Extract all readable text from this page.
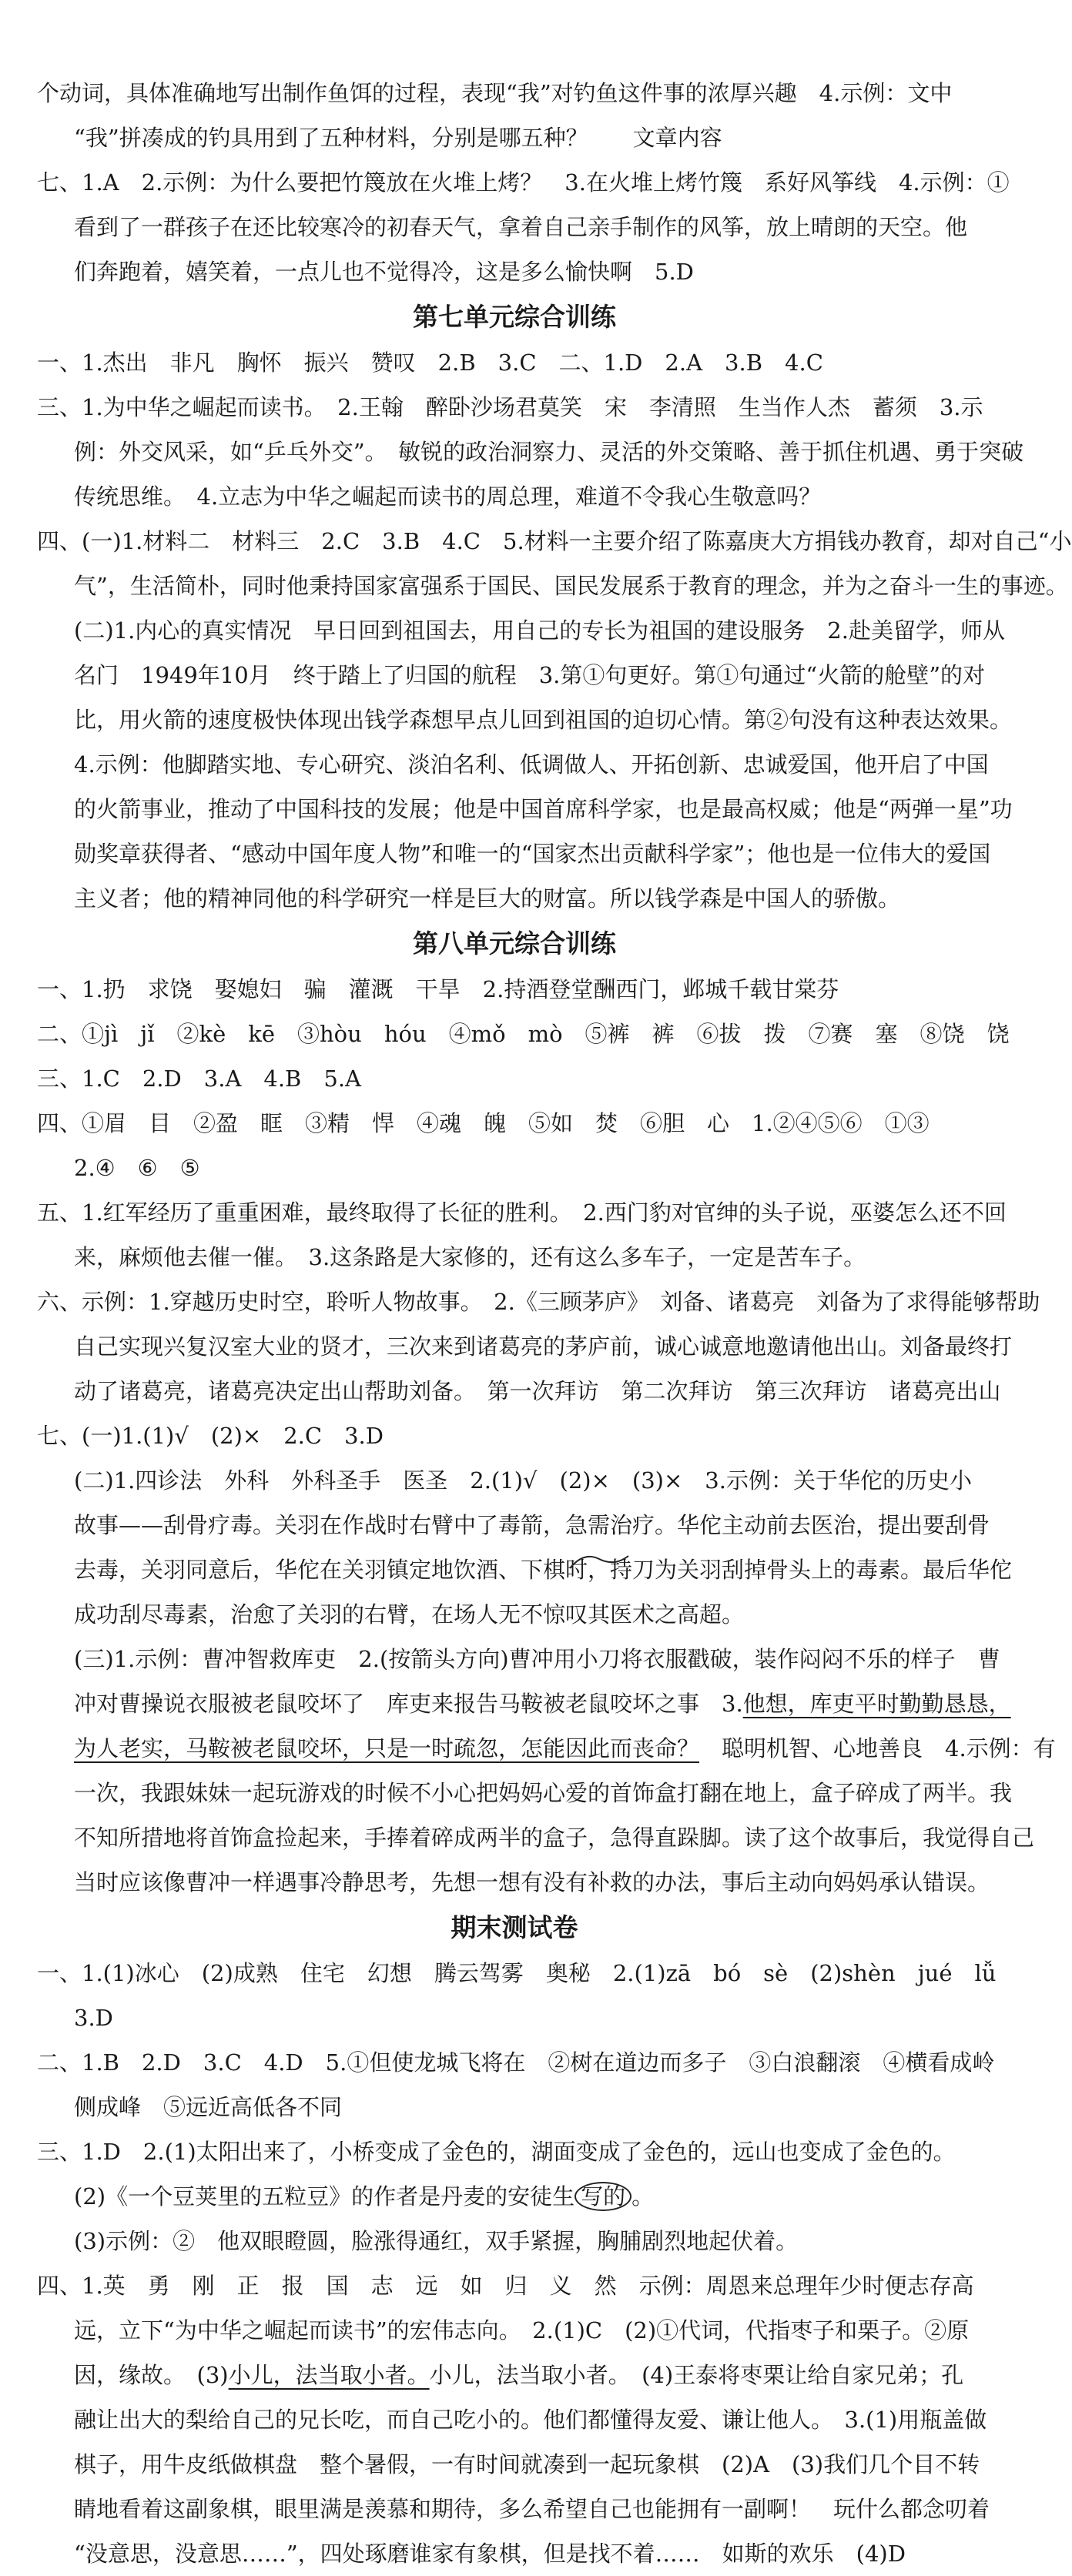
个动词，具体准确地写出制作鱼饵的过程，表现“我”对钓鱼这件事的浓厚兴趣　4.示例：文中
“我”拼凑成的钓具用到了五种材料，分别是哪五种？　　文章内容
七、1.A　2.示例：为什么要把竹篾放在火堆上烤？　3.在火堆上烤竹篾　系好风筝线　4.示例：①
看到了一群孩子在还比较寒冷的初春天气，拿着自己亲手制作的风筝，放上晴朗的天空。他
们奔跑着，嬉笑着，一点儿也不觉得冷，这是多么愉快啊　5.D
第七单元综合训练
一、1.杰出　非凡　胸怀　振兴　赞叹　2.B　3.C　二、1.D　2.A　3.B　4.C
三、1.为中华之崛起而读书。　2.王翰　醉卧沙场君莫笑　宋　李清照　生当作人杰　蓄须　3.示
例：外交风采，如“乒乓外交”。　敏锐的政治洞察力、灵活的外交策略、善于抓住机遇、勇于突破
传统思维。　4.立志为中华之崛起而读书的周总理，难道不令我心生敬意吗？
四、(一)1.材料二　材料三　2.C　3.B　4.C　5.材料一主要介绍了陈嘉庚大方捐钱办教育，却对自己“小
气”，生活简朴，同时他秉持国家富强系于国民、国民发展系于教育的理念，并为之奋斗一生的事迹。
(二)1.内心的真实情况　早日回到祖国去，用自己的专长为祖国的建设服务　2.赴美留学，师从
名门　1949年10月　终于踏上了归国的航程　3.第①句更好。第①句通过“火箭的舱壁”的对
比，用火箭的速度极快体现出钱学森想早点儿回到祖国的迫切心情。第②句没有这种表达效果。
4.示例：他脚踏实地、专心研究、淡泊名利、低调做人、开拓创新、忠诚爱国，他开启了中国
的火箭事业，推动了中国科技的发展；他是中国首席科学家，也是最高权威；他是“两弹一星”功
勋奖章获得者、“感动中国年度人物”和唯一的“国家杰出贡献科学家”；他也是一位伟大的爱国
主义者；他的精神同他的科学研究一样是巨大的财富。所以钱学森是中国人的骄傲。
第八单元综合训练
一、1.扔　求饶　娶媳妇　骗　灌溉　干旱　2.持酒登堂酬西门，邺城千载甘棠芬
二、①jì　jǐ　②kè　kē　③hòu　hóu　④mǒ　mò　⑤裤　裤　⑥拔　拨　⑦赛　塞　⑧饶　饶
三、1.C　2.D　3.A　4.B　5.A
四、①眉　目　②盈　眶　③精　悍　④魂　魄　⑤如　焚　⑥胆　心　1.②④⑤⑥　①③
2.④　⑥　⑤
五、1.红军经历了重重困难，最终取得了长征的胜利。　2.西门豹对官绅的头子说，巫婆怎么还不回
来，麻烦他去催一催。　3.这条路是大家修的，还有这么多车子，一定是苦车子。
六、示例：1.穿越历史时空，聆听人物故事。　2.《三顾茅庐》　刘备、诸葛亮　刘备为了求得能够帮助
自己实现兴复汉室大业的贤才，三次来到诸葛亮的茅庐前，诚心诚意地邀请他出山。刘备最终打
动了诸葛亮，诸葛亮决定出山帮助刘备。　第一次拜访　第二次拜访　第三次拜访　诸葛亮出山
七、(一)1.(1)√　(2)×　2.C　3.D
(二)1.四诊法　外科　外科圣手　医圣　2.(1)√　(2)×　(3)×　3.示例：关于华佗的历史小
故事——刮骨疗毒。关羽在作战时右臂中了毒箭，急需治疗。华佗主动前去医治，提出要刮骨
去毒，关羽同意后，华佗在关羽镇定地饮酒、下棋时，持刀为关羽刮掉骨头上的毒素。最后华佗
成功刮尽毒素，治愈了关羽的右臂，在场人无不惊叹其医术之高超。
(三)1.示例：曹冲智救库吏　2.(按箭头方向)曹冲用小刀将衣服戳破，装作闷闷不乐的样子　曹
冲对曹操说衣服被老鼠咬坏了　库吏来报告马鞍被老鼠咬坏之事　3.他想，库吏平时勤勤恳恳，
为人老实，马鞍被老鼠咬坏，只是一时疏忽，怎能因此而丧命？　聪明机智、心地善良　4.示例：有
一次，我跟妹妹一起玩游戏的时候不小心把妈妈心爱的首饰盒打翻在地上，盒子碎成了两半。我
不知所措地将首饰盒捡起来，手捧着碎成两半的盒子，急得直跺脚。读了这个故事后，我觉得自己
当时应该像曹冲一样遇事冷静思考，先想一想有没有补救的办法，事后主动向妈妈承认错误。
期末测试卷
一、1.(1)冰心　(2)成熟　住宅　幻想　腾云驾雾　奥秘　2.(1)zā　bó　sè　(2)shèn　jué　lǚ
3.D
二、1.B　2.D　3.C　4.D　5.①但使龙城飞将在　②树在道边而多子　③白浪翻滚　④横看成岭
侧成峰　⑤远近高低各不同
三、1.D　2.(1)太阳出来了，小桥变成了金色的，湖面变成了金色的，远山也变成了金色的。
(2)《一个豆荚里的五粒豆》的作者是丹麦的安徒生 写的 。
(3)示例：②　他双眼瞪圆，脸涨得通红，双手紧握，胸脯剧烈地起伏着。
四、1.英　勇　刚　正　报　国　志　远　如　归　义　然　示例：周恩来总理年少时便志存高
远，立下“为中华之崛起而读书”的宏伟志向。　2.(1)C　(2)①代词，代指枣子和栗子。②原
因，缘故。　(3)小儿，法当取小者。小儿，法当取小者。　(4)王泰将枣栗让给自家兄弟；孔
融让出大的梨给自己的兄长吃，而自己吃小的。他们都懂得友爱、谦让他人。　3.(1)用瓶盖做
棋子，用牛皮纸做棋盘　整个暑假，一有时间就凑到一起玩象棋　(2)A　(3)我们几个目不转
睛地看着这副象棋，眼里满是羡慕和期待，多么希望自己也能拥有一副啊！　玩什么都念叨着
“没意思，没意思……”，四处琢磨谁家有象棋，但是找不着……　如斯的欢乐　(4)D
